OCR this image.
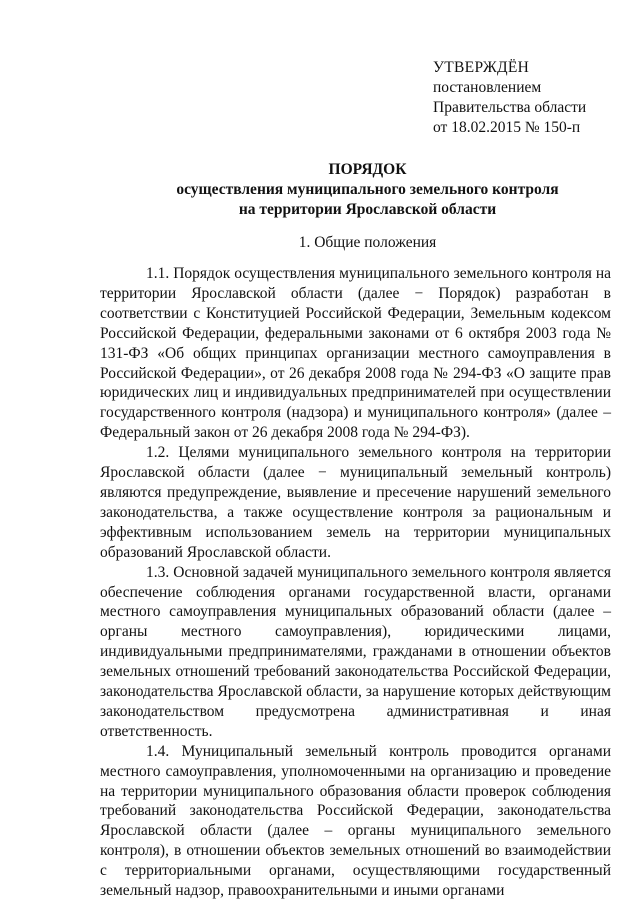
УТВЕРЖДЁН
постановлением
Правительства области
от 18.02.2015 № 150-п
ПОРЯДОК
осуществления муниципального земельного контроля
на территории Ярославской области
1. Общие положения

1.1. Порядок осуществления муниципального земельного контроля на территории Ярославской области (далее − Порядок) разработан в соответствии с Конституцией Российской Федерации, Земельным кодексом Российской Федерации, федеральными законами от 6 октября 2003 года № 131-ФЗ «Об общих принципах организации местного самоуправления в Российской Федерации», от 26 декабря 2008 года № 294-ФЗ «О защите прав юридических лиц и индивидуальных предпринимателей при осуществлении государственного контроля (надзора) и муниципального контроля» (далее – Федеральный закон от 26 декабря 2008 года № 294-ФЗ).

1.2. Целями муниципального земельного контроля на территории Ярославской области (далее − муниципальный земельный контроль) являются предупреждение, выявление и пресечение нарушений земельного законодательства, а также осуществление контроля за рациональным и эффективным использованием земель на территории муниципальных образований Ярославской области.

1.3. Основной задачей муниципального земельного контроля является обеспечение соблюдения органами государственной власти, органами местного самоуправления муниципальных образований области (далее – органы местного самоуправления), юридическими лицами, индивидуальными предпринимателями, гражданами в отношении объектов земельных отношений требований законодательства Российской Федерации, законодательства Ярославской области, за нарушение которых действующим законодательством предусмотрена административная и иная ответственность.

1.4. Муниципальный земельный контроль проводится органами местного самоуправления, уполномоченными на организацию и проведение на территории муниципального образования области проверок соблюдения требований законодательства Российской Федерации, законодательства Ярославской области (далее – органы муниципального земельного контроля), в отношении объектов земельных отношений во взаимодействии с территориальными органами, осуществляющими государственный земельный надзор, правоохранительными и иными органами
